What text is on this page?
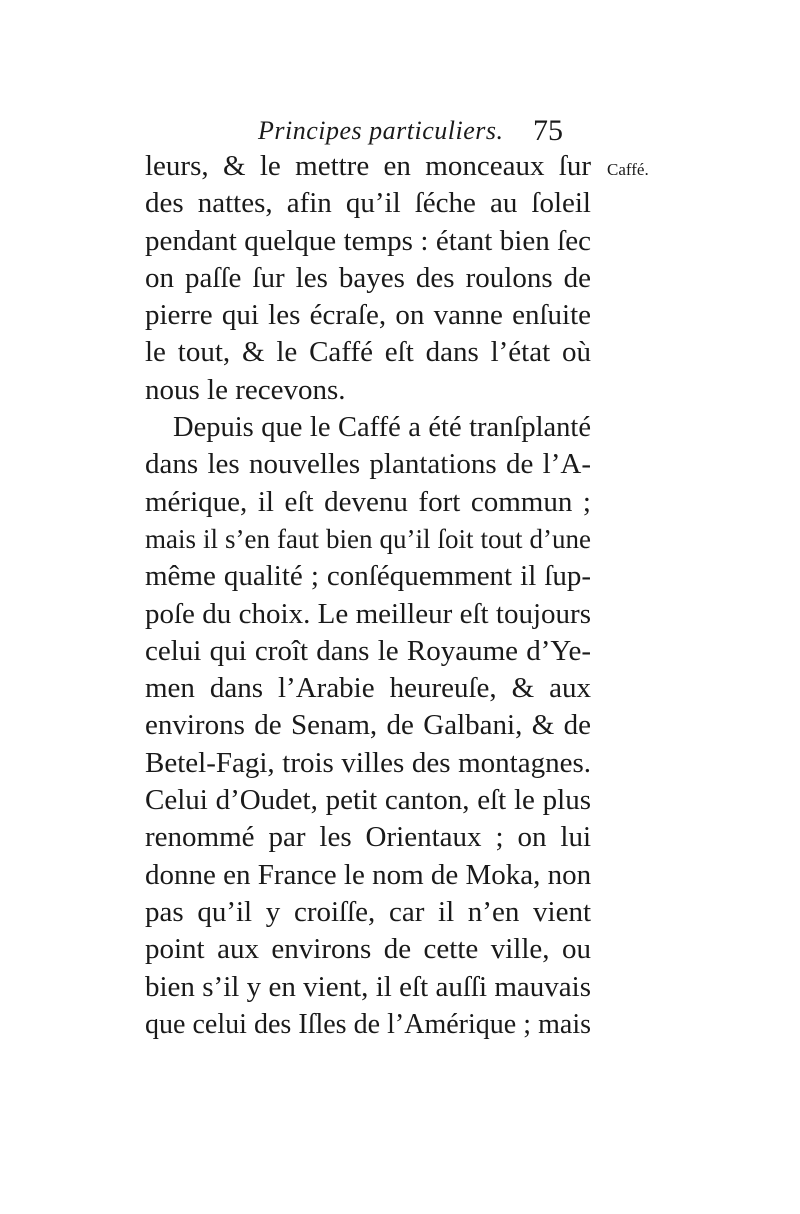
Principes particuliers. 75
Caffé.
leurs, & le mettre en monceaux ſur
des nattes, afin qu’il ſéche au ſoleil
pendant quelque temps : étant bien ſec
on paſſe ſur les bayes des roulons de
pierre qui les écraſe, on vanne enſuite
le tout, & le Caffé eſt dans l’état où
nous le recevons.
Depuis que le Caffé a été tranſplanté
dans les nouvelles plantations de l’A-
mérique, il eſt devenu fort commun ;
mais il s’en faut bien qu’il ſoit tout d’une
même qualité ; conſéquemment il ſup-
poſe du choix. Le meilleur eſt toujours
celui qui croît dans le Royaume d’Ye-
men dans l’Arabie heureuſe, & aux
environs de Senam, de Galbani, & de
Betel-Fagi, trois villes des montagnes.
Celui d’Oudet, petit canton, eſt le plus
renommé par les Orientaux ; on lui
donne en France le nom de Moka, non
pas qu’il y croiſſe, car il n’en vient
point aux environs de cette ville, ou
bien s’il y en vient, il eſt auſſi mauvais
que celui des Iſles de l’Amérique ; mais
